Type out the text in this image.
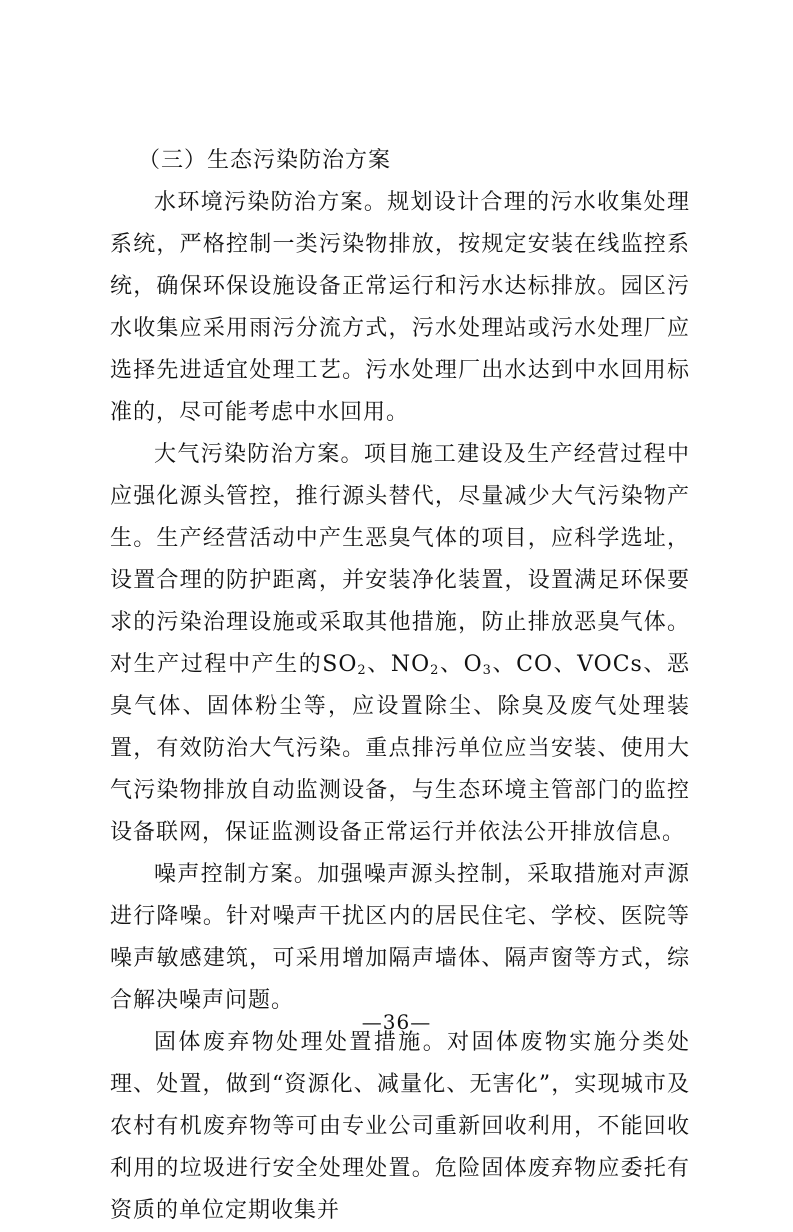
（三）生态污染防治方案

水环境污染防治方案。规划设计合理的污水收集处理系统，严格控制一类污染物排放，按规定安装在线监控系统，确保环保设施设备正常运行和污水达标排放。园区污水收集应采用雨污分流方式，污水处理站或污水处理厂应选择先进适宜处理工艺。污水处理厂出水达到中水回用标准的，尽可能考虑中水回用。

大气污染防治方案。项目施工建设及生产经营过程中应强化源头管控，推行源头替代，尽量减少大气污染物产生。生产经营活动中产生恶臭气体的项目，应科学选址，设置合理的防护距离，并安装净化装置，设置满足环保要求的污染治理设施或采取其他措施，防止排放恶臭气体。对生产过程中产生的$SO_2$、$NO_2$、$O_3$、CO、VOCs、恶臭气体、固体粉尘等，应设置除尘、除臭及废气处理装置，有效防治大气污染。重点排污单位应当安装、使用大气污染物排放自动监测设备，与生态环境主管部门的监控设备联网，保证监测设备正常运行并依法公开排放信息。

噪声控制方案。加强噪声源头控制，采取措施对声源进行降噪。针对噪声干扰区内的居民住宅、学校、医院等噪声敏感建筑，可采用增加隔声墙体、隔声窗等方式，综合解决噪声问题。

固体废弃物处理处置措施。对固体废物实施分类处理、处置，做到“资源化、减量化、无害化”，实现城市及农村有机废弃物等可由专业公司重新回收利用，不能回收利用的垃圾进行安全处理处置。危险固体废弃物应委托有资质的单位定期收集并

—36—
